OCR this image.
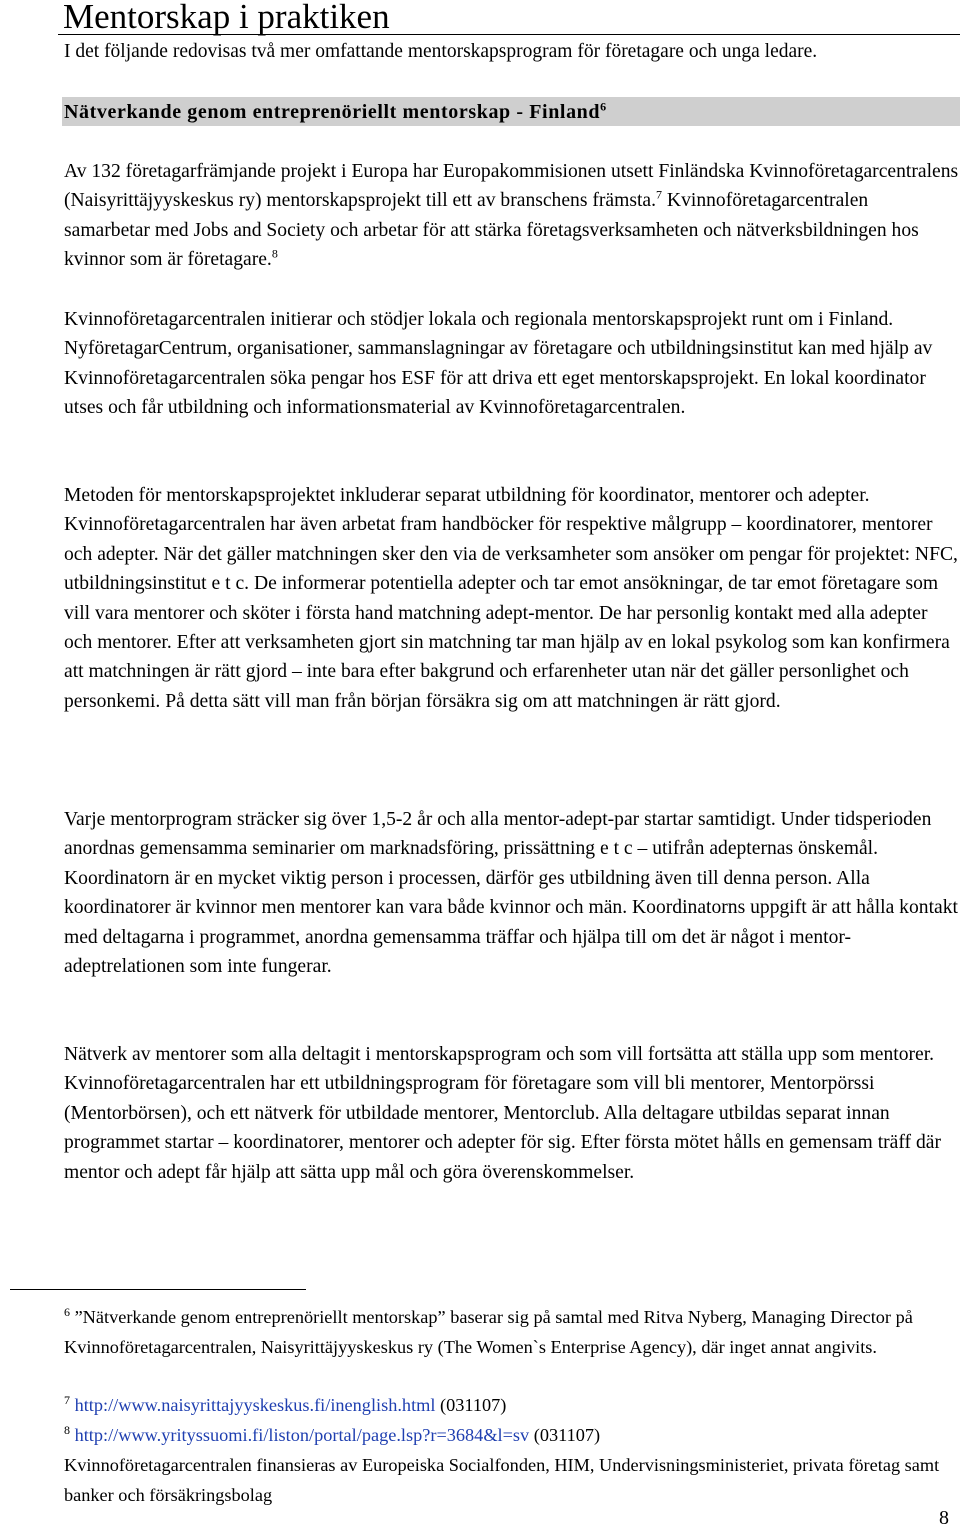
Mentorskap i praktiken

I det följande redovisas två mer omfattande mentorskapsprogram för företagare och unga ledare.

Nätverkande genom entreprenöriellt mentorskap - Finland$^6$

Av 132 företagarfrämjande projekt i Europa har Europakommisionen utsett Finländska Kvinnoföretagarcentralens (Naisyrittäjyyskeskus ry) mentorskapsprojekt till ett av branschens främsta.$^7$ Kvinnoföretagarcentralen samarbetar med Jobs and Society och arbetar för att stärka företagsverksamheten och nätverksbildningen hos kvinnor som är företagare.$^8$

Kvinnoföretagarcentralen initierar och stödjer lokala och regionala mentorskapsprojekt runt om i Finland. NyföretagarCentrum, organisationer, sammanslagningar av företagare och utbildningsinstitut kan med hjälp av Kvinnoföretagarcentralen söka pengar hos ESF för att driva ett eget mentorskapsprojekt. En lokal koordinator utses och får utbildning och informationsmaterial av Kvinnoföretagarcentralen.

Metoden för mentorskapsprojektet inkluderar separat utbildning för koordinator, mentorer och adepter. Kvinnoföretagarcentralen har även arbetat fram handböcker för respektive målgrupp – koordinatorer, mentorer och adepter. När det gäller matchningen sker den via de verksamheter som ansöker om pengar för projektet: NFC, utbildningsinstitut e t c. De informerar potentiella adepter och tar emot ansökningar, de tar emot företagare som vill vara mentorer och sköter i första hand matchning adept-mentor. De har personlig kontakt med alla adepter och mentorer. Efter att verksamheten gjort sin matchning tar man hjälp av en lokal psykolog som kan konfirmera att matchningen är rätt gjord – inte bara efter bakgrund och erfarenheter utan när det gäller personlighet och personkemi. På detta sätt vill man från början försäkra sig om att matchningen är rätt gjord.

Varje mentorprogram sträcker sig över 1,5-2 år och alla mentor-adept-par startar samtidigt. Under tidsperioden anordnas gemensamma seminarier om marknadsföring, prissättning e t c – utifrån adepternas önskemål. Koordinatorn är en mycket viktig person i processen, därför ges utbildning även till denna person. Alla koordinatorer är kvinnor men mentorer kan vara både kvinnor och män. Koordinatorns uppgift är att hålla kontakt med deltagarna i programmet, anordna gemensamma träffar och hjälpa till om det är något i mentor-adeptrelationen som inte fungerar.

Nätverk av mentorer som alla deltagit i mentorskapsprogram och som vill fortsätta att ställa upp som mentorer. Kvinnoföretagarcentralen har ett utbildningsprogram för företagare som vill bli mentorer, Mentorpörssi (Mentorbörsen), och ett nätverk för utbildade mentorer, Mentorclub. Alla deltagare utbildas separat innan programmet startar – koordinatorer, mentorer och adepter för sig. Efter första mötet hålls en gemensam träff där mentor och adept får hjälp att sätta upp mål och göra överenskommelser.

$^6$ ”Nätverkande genom entreprenöriellt mentorskap” baserar sig på samtal med Ritva Nyberg, Managing Director på Kvinnoföretagarcentralen, Naisyrittäjyyskeskus ry (The Women`s Enterprise Agency), där inget annat angivits.

$^7$ http://www.naisyrittajyyskeskus.fi/inenglish.html (031107)

$^8$ http://www.yrityssuomi.fi/liston/portal/page.lsp?r=3684&l=sv (031107)

Kvinnoföretagarcentralen finansieras av Europeiska Socialfonden, HIM, Undervisningsministeriet, privata företag samt banker och försäkringsbolag

8
